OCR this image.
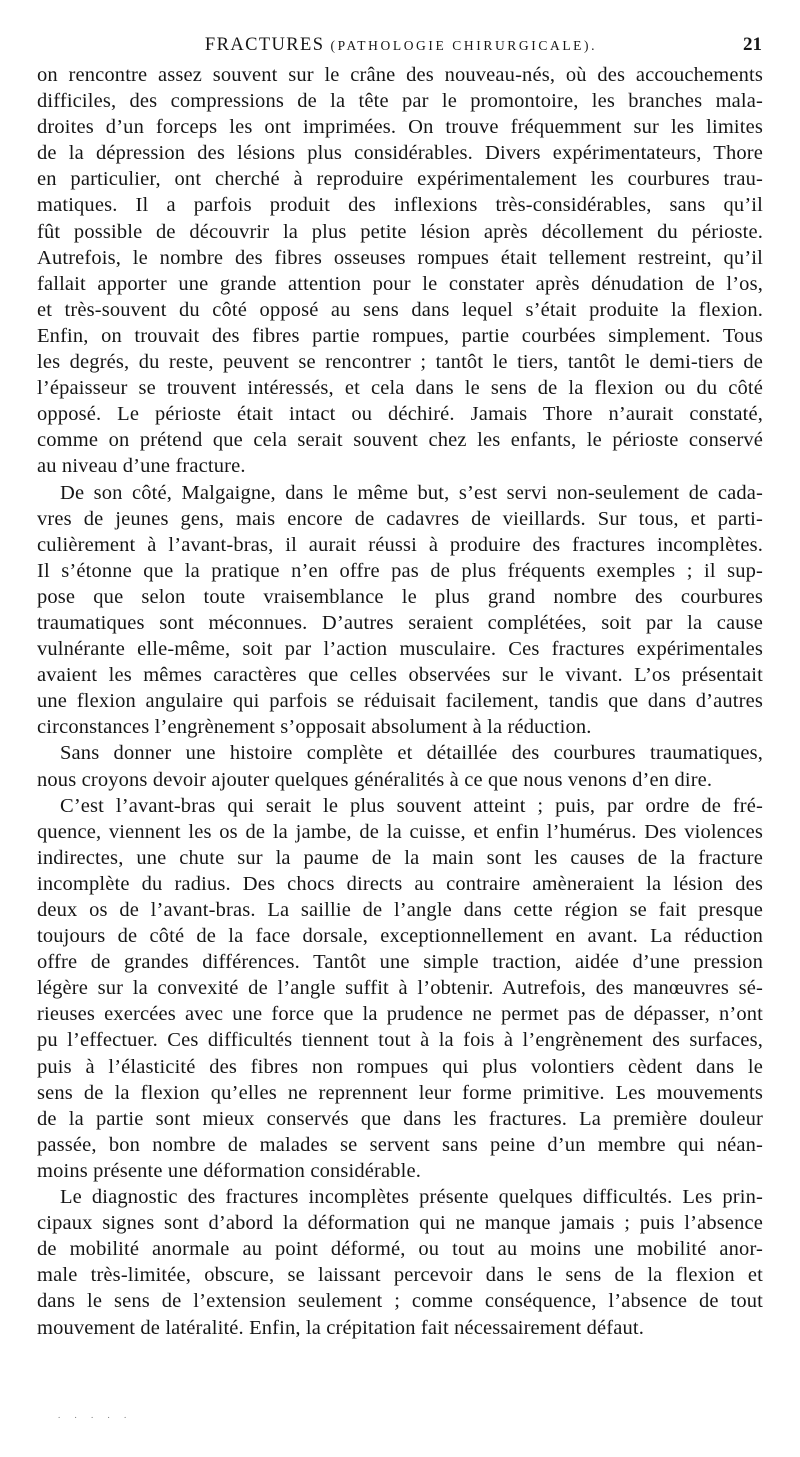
FRACTURES (PATHOLOGIE CHIRURGICALE).	21

on rencontre assez souvent sur le crâne des nouveau-nés, où des accouchements

difficiles, des compressions de la tête par le promontoire, les branches mala-

droites d’un forceps les ont imprimées. On trouve fréquemment sur les limites

de la dépression des lésions plus considérables. Divers expérimentateurs, Thore

en particulier, ont cherché à reproduire expérimentalement les courbures trau-

matiques. Il a parfois produit des inflexions très-considérables, sans qu’il

fût possible de découvrir la plus petite lésion après décollement du périoste.

Autrefois, le nombre des fibres osseuses rompues était tellement restreint, qu’il

fallait apporter une grande attention pour le constater après dénudation de l’os,

et très-souvent du côté opposé au sens dans lequel s’était produite la flexion.

Enfin, on trouvait des fibres partie rompues, partie courbées simplement. Tous

les degrés, du reste, peuvent se rencontrer ; tantôt le tiers, tantôt le demi-tiers de

l’épaisseur se trouvent intéressés, et cela dans le sens de la flexion ou du côté

opposé. Le périoste était intact ou déchiré. Jamais Thore n’aurait constaté,

comme on prétend que cela serait souvent chez les enfants, le périoste conservé

au niveau d’une fracture.

De son côté, Malgaigne, dans le même but, s’est servi non-seulement de cada-

vres de jeunes gens, mais encore de cadavres de vieillards. Sur tous, et parti-

culièrement à l’avant-bras, il aurait réussi à produire des fractures incomplètes.

Il s’étonne que la pratique n’en offre pas de plus fréquents exemples ; il sup-

pose que selon toute vraisemblance le plus grand nombre des courbures

traumatiques sont méconnues. D’autres seraient complétées, soit par la cause

vulnérante elle-même, soit par l’action musculaire. Ces fractures expérimentales

avaient les mêmes caractères que celles observées sur le vivant. L’os présentait

une flexion angulaire qui parfois se réduisait facilement, tandis que dans d’autres

circonstances l’engrènement s’opposait absolument à la réduction.

Sans donner une histoire complète et détaillée des courbures traumatiques,

nous croyons devoir ajouter quelques généralités à ce que nous venons d’en dire.

C’est l’avant-bras qui serait le plus souvent atteint ; puis, par ordre de fré-

quence, viennent les os de la jambe, de la cuisse, et enfin l’humérus. Des violences

indirectes, une chute sur la paume de la main sont les causes de la fracture

incomplète du radius. Des chocs directs au contraire amèneraient la lésion des

deux os de l’avant-bras. La saillie de l’angle dans cette région se fait presque

toujours de côté de la face dorsale, exceptionnellement en avant. La réduction

offre de grandes différences. Tantôt une simple traction, aidée d’une pression

légère sur la convexité de l’angle suffit à l’obtenir. Autrefois, des manœuvres sé-

rieuses exercées avec une force que la prudence ne permet pas de dépasser, n’ont

pu l’effectuer. Ces difficultés tiennent tout à la fois à l’engrènement des surfaces,

puis à l’élasticité des fibres non rompues qui plus volontiers cèdent dans le

sens de la flexion qu’elles ne reprennent leur forme primitive. Les mouvements

de la partie sont mieux conservés que dans les fractures. La première douleur

passée, bon nombre de malades se servent sans peine d’un membre qui néan-

moins présente une déformation considérable.

Le diagnostic des fractures incomplètes présente quelques difficultés. Les prin-

cipaux signes sont d’abord la déformation qui ne manque jamais ; puis l’absence

de mobilité anormale au point déformé, ou tout au moins une mobilité anor-

male très-limitée, obscure, se laissant percevoir dans le sens de la flexion et

dans le sens de l’extension seulement ; comme conséquence, l’absence de tout

mouvement de latéralité. Enfin, la crépitation fait nécessairement défaut.

. . . . .
